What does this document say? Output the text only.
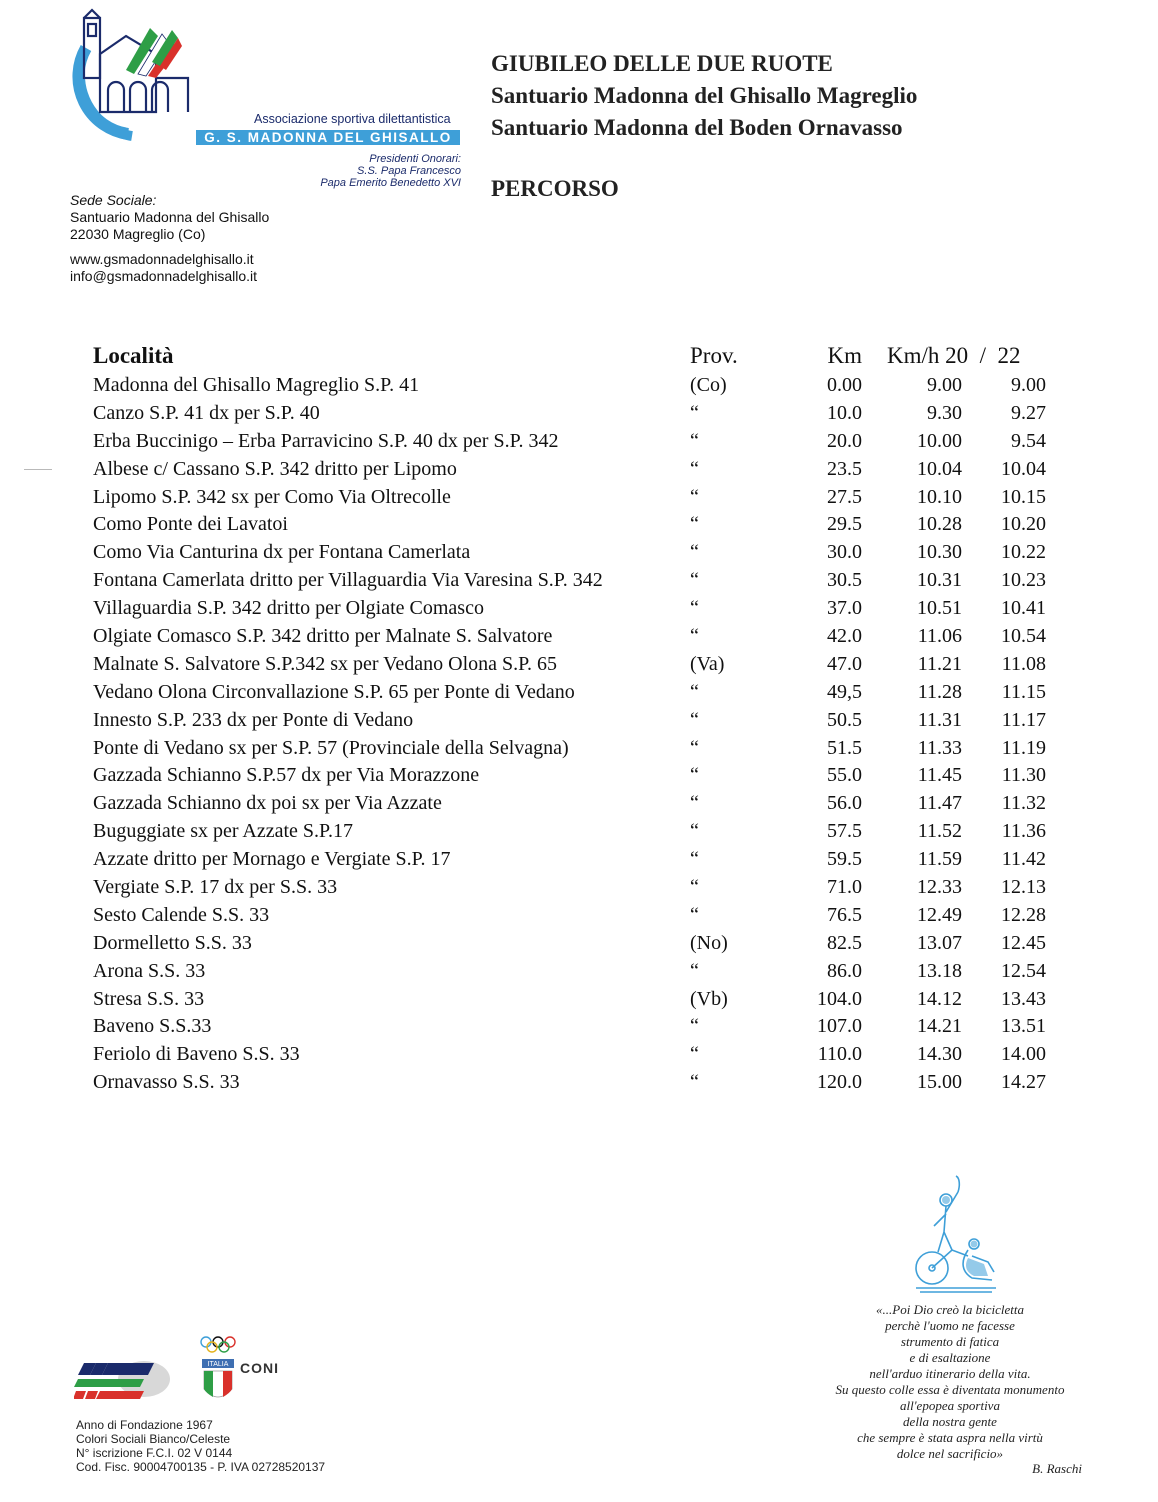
Associazione sportiva dilettantistica
G. S. MADONNA DEL GHISALLO
Presidenti Onorari:
S.S. Papa Francesco
Papa Emerito Benedetto XVI
Sede Sociale:
Santuario Madonna del Ghisallo
22030 Magreglio (Co)
www.gsmadonnadelghisallo.it
info@gsmadonnadelghisallo.it
GIUBILEO DELLE DUE RUOTE
Santuario Madonna del Ghisallo Magreglio
Santuario Madonna del Boden Ornavasso
PERCORSO
Località	Prov.	Km Km/h 20  /  22
Madonna del Ghisallo Magreglio S.P. 41	(Co)	0.00	9.00 9.00
Canzo S.P. 41 dx per S.P. 40	“	10.0	9.30 9.27
Erba Buccinigo – Erba Parravicino S.P. 40 dx per S.P. 342	“	20.0	10.00 9.54
Albese c/ Cassano S.P. 342 dritto per Lipomo	“	23.5	10.04 10.04
Lipomo S.P. 342 sx per Como Via Oltrecolle	“	27.5	10.10 10.15
Como Ponte dei Lavatoi	“	29.5	10.28 10.20
Como Via Canturina dx per Fontana Camerlata	“	30.0	10.30 10.22
Fontana Camerlata dritto per Villaguardia Via Varesina S.P. 342	“	30.5	10.31 10.23
Villaguardia S.P. 342 dritto per Olgiate Comasco	“	37.0	10.51 10.41
Olgiate Comasco S.P. 342 dritto per Malnate S. Salvatore	“	42.0	11.06 10.54
Malnate S. Salvatore S.P.342 sx per Vedano Olona S.P. 65	(Va)	47.0	11.21 11.08
Vedano Olona Circonvallazione S.P. 65 per Ponte di Vedano	“	49,5	11.28 11.15
Innesto S.P. 233 dx per Ponte di Vedano	“	50.5	11.31 11.17
Ponte di Vedano sx per S.P. 57 (Provinciale della Selvagna)	“	51.5	11.33 11.19
Gazzada Schianno S.P.57 dx per Via Morazzone	“	55.0	11.45 11.30
Gazzada Schianno dx poi sx per Via Azzate	“	56.0	11.47 11.32
Buguggiate sx per Azzate S.P.17	“	57.5	11.52 11.36
Azzate dritto per Mornago e Vergiate S.P. 17	“	59.5	11.59 11.42
Vergiate S.P. 17 dx per S.S. 33	“	71.0	12.33 12.13
Sesto Calende S.S. 33	“	76.5	12.49 12.28
Dormelletto S.S. 33	(No)	82.5	13.07 12.45
Arona S.S. 33	“	86.0	13.18 12.54
Stresa S.S. 33	(Vb)	104.0	14.12 13.43
Baveno S.S.33	“	107.0	14.21 13.51
Feriolo di Baveno S.S. 33	“	110.0	14.30 14.00
Ornavasso S.S. 33	“	120.0	15.00 14.27
ITALIA CONI
Anno di Fondazione 1967
Colori Sociali Bianco/Celeste
N° iscrizione F.C.I. 02 V 0144
Cod. Fisc. 90004700135 - P. IVA 02728520137
«...Poi Dio creò la bicicletta
perchè l'uomo ne facesse
strumento di fatica
e di esaltazione
nell'arduo itinerario della vita.
Su questo colle essa è diventata monumento
all'epopea sportiva
della nostra gente
che sempre è stata aspra nella virtù
dolce nel sacrificio»
B. Raschi
